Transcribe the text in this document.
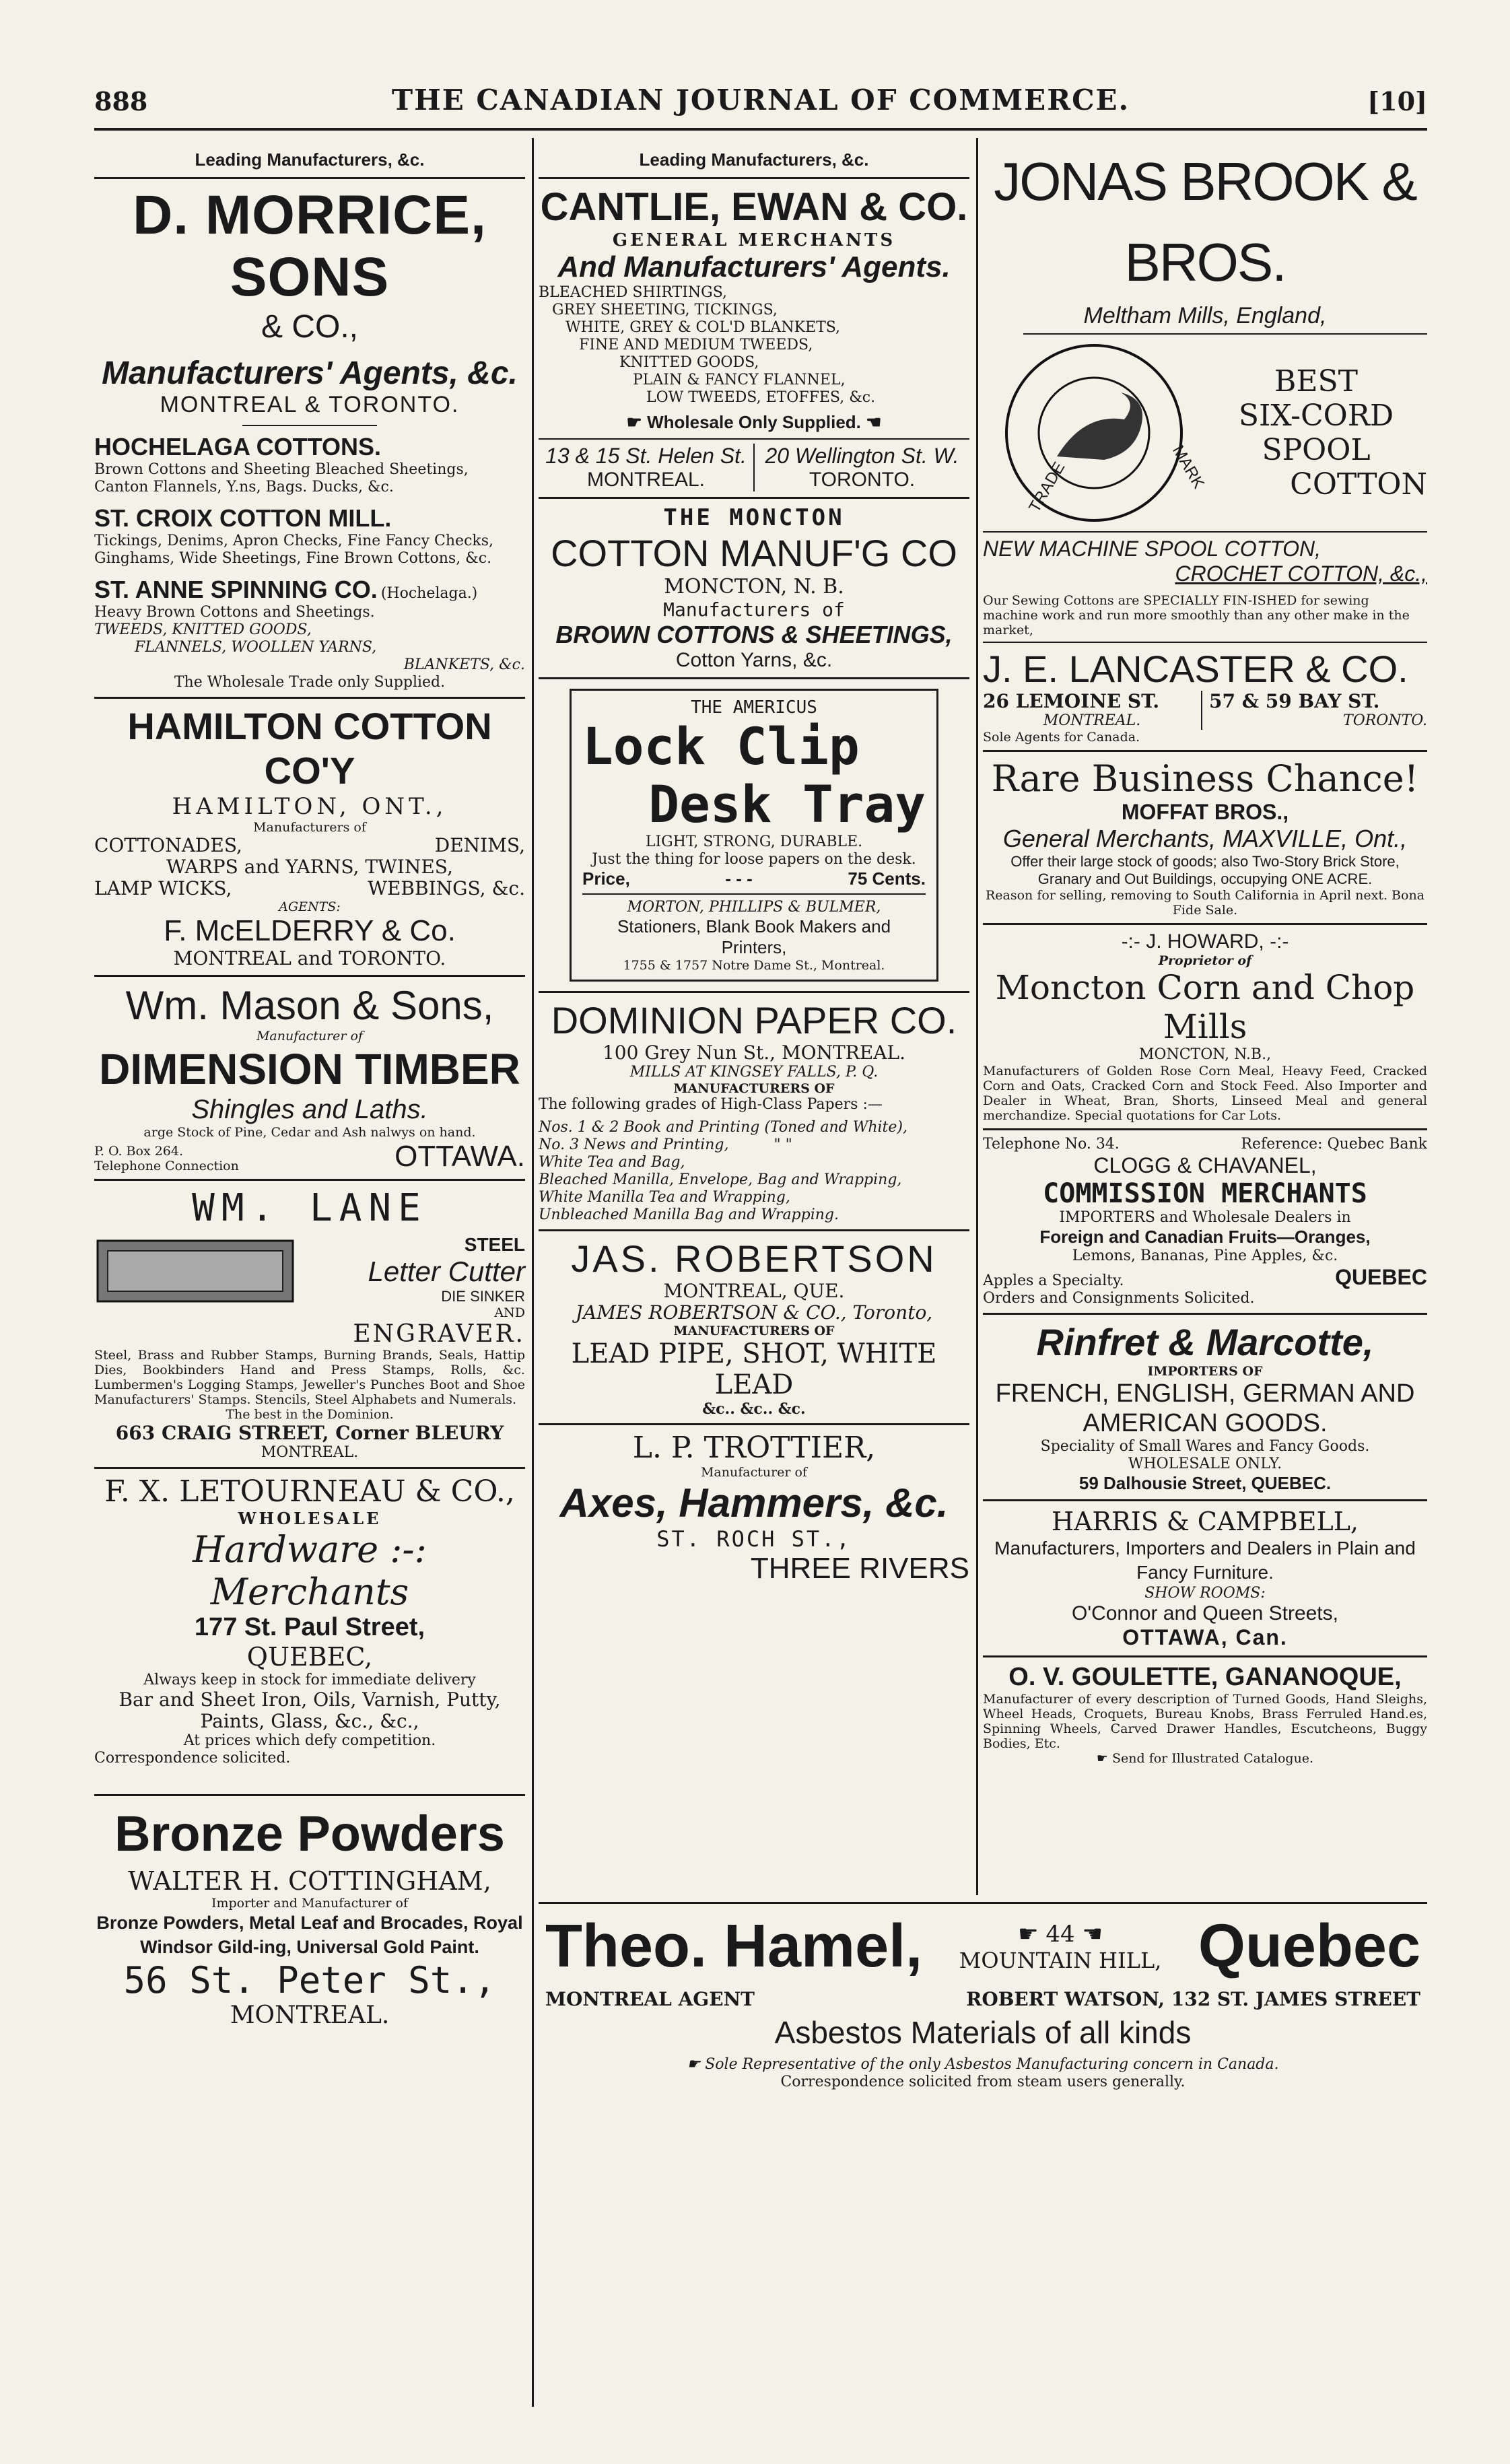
888	THE CANADIAN JOURNAL OF COMMERCE.	[10]
Leading Manufacturers, &c.
D. MORRICE, SONS
& CO.,
Manufacturers' Agents, &c.
MONTREAL & TORONTO.
HOCHELAGA COTTONS.

Brown Cottons and Sheeting Bleached Sheetings, Canton Flannels, Y.ns, Bags. Ducks, &c.

ST. CROIX COTTON MILL.

Tickings, Denims, Apron Checks, Fine Fancy Checks, Ginghams, Wide Sheetings, Fine Brown Cottons, &c.

ST. ANNE SPINNING CO. (Hochelaga.)

Heavy Brown Cottons and Sheetings.

TWEEDS, KNITTED GOODS,

FLANNELS, WOOLLEN YARNS,

BLANKETS, &c.

The Wholesale Trade only Supplied.

HAMILTON COTTON CO'Y
HAMILTON, ONT.,
Manufacturers of
COTTONADES,	DENIMS,
WARPS and YARNS, TWINES,
LAMP WICKS,	WEBBINGS, &c.
AGENTS:
F. McELDERRY & Co.
MONTREAL and TORONTO.
Wm. Mason & Sons,
Manufacturer of
DIMENSION TIMBER
Shingles and Laths.

arge Stock of Pine, Cedar and Ash nalwys on hand.

P. O. Box 264.

Telephone Connection	OTTAWA.
WM. LANE
STEEL
Letter Cutter
DIE SINKER
AND
ENGRAVER.

Steel, Brass and Rubber Stamps, Burning Brands, Seals, Hattip Dies, Bookbinders Hand and Press Stamps, Rolls, &c. Lumbermen's Logging Stamps, Jeweller's Punches Boot and Shoe Manufacturers' Stamps. Stencils, Steel Alphabets and Numerals.

The best in the Dominion.

663 CRAIG STREET, Corner BLEURY
MONTREAL.
F. X. LETOURNEAU & CO.,
WHOLESALE
Hardware :-: Merchants
177 St. Paul Street,
QUEBEC,

Always keep in stock for immediate delivery

Bar and Sheet Iron, Oils, Varnish, Putty, Paints, Glass, &c., &c.,

At prices which defy competition.

Correspondence solicited.

Bronze Powders
WALTER H. COTTINGHAM,
Importer and Manufacturer of

Bronze Powders, Metal Leaf and Brocades, Royal Windsor Gild-ing, Universal Gold Paint.

56 St. Peter St.,
MONTREAL.
Leading Manufacturers, &c.
CANTLIE, EWAN & CO.
GENERAL MERCHANTS
And Manufacturers' Agents.

BLEACHED SHIRTINGS,

GREY SHEETING, TICKINGS,

WHITE, GREY & COL'D BLANKETS,

FINE AND MEDIUM TWEEDS,

KNITTED GOODS,

PLAIN & FANCY FLANNEL,

LOW TWEEDS, ETOFFES, &c.

☛ Wholesale Only Supplied. ☚
13 & 15 St. Helen St.
MONTREAL.
20 Wellington St. W.
TORONTO.
THE MONCTON
COTTON MANUF'G CO
MONCTON, N. B.
Manufacturers of
BROWN COTTONS & SHEETINGS,
Cotton Yarns, &c.
THE AMERICUS
Lock Clip
Desk Tray
LIGHT, STRONG, DURABLE.

Just the thing for loose papers on the desk.

Price,	- - -	75 Cents.
MORTON, PHILLIPS & BULMER,
Stationers, Blank Book Makers and Printers,
1755 & 1757 Notre Dame St., Montreal.
DOMINION PAPER CO.
100 Grey Nun St., MONTREAL.
MILLS AT KINGSEY FALLS, P. Q.
MANUFACTURERS OF

The following grades of High-Class Papers :—

Nos. 1 & 2 Book and Printing (Toned and White),

No. 3 News and Printing,	" "

White Tea and Bag,

Bleached Manilla, Envelope, Bag and Wrapping,

White Manilla Tea and Wrapping,

Unbleached Manilla Bag and Wrapping.

JAS. ROBERTSON
MONTREAL, QUE.
JAMES ROBERTSON & CO., Toronto,
MANUFACTURERS OF
LEAD PIPE, SHOT, WHITE LEAD
&c.. &c.. &c.
L. P. TROTTIER,
Manufacturer of
Axes, Hammers, &c.
ST. ROCH ST.,
THREE RIVERS
JONAS BROOK & BROS.
Meltham Mills, England,
BEST
SIX-CORD
SPOOL
COTTON
TRADE	MARK
NEW MACHINE SPOOL COTTON,
CROCHET COTTON, &c.,

Our Sewing Cottons are SPECIALLY FIN-ISHED for sewing machine work and run more smoothly than any other make in the market,

J. E. LANCASTER & CO.
26 LEMOINE ST.
MONTREAL.
57 & 59 BAY ST.
TORONTO.

Sole Agents for Canada.

Rare Business Chance!
MOFFAT BROS.,
General Merchants, MAXVILLE, Ont.,

Offer their large stock of goods; also Two-Story Brick Store, Granary and Out Buildings, occupying ONE ACRE.

Reason for selling, removing to South California in April next. Bona Fide Sale.

-:- J. HOWARD, -:-
Proprietor of
Moncton Corn and Chop Mills
MONCTON, N.B.,

Manufacturers of Golden Rose Corn Meal, Heavy Feed, Cracked Corn and Oats, Cracked Corn and Stock Feed. Also Importer and Dealer in Wheat, Bran, Shorts, Linseed Meal and general merchandize. Special quotations for Car Lots.

Telephone No. 34.	Reference: Quebec Bank
CLOGG & CHAVANEL,
COMMISSION MERCHANTS
IMPORTERS and Wholesale Dealers in
Foreign and Canadian Fruits—Oranges,
Lemons, Bananas, Pine Apples, &c.
Apples a Specialty.	QUEBEC
Orders and Consignments Solicited.
Rinfret & Marcotte,
IMPORTERS OF
FRENCH, ENGLISH, GERMAN AND AMERICAN GOODS.
Speciality of Small Wares and Fancy Goods.
WHOLESALE ONLY.
59 Dalhousie Street, QUEBEC.
HARRIS & CAMPBELL,

Manufacturers, Importers and Dealers in Plain and Fancy Furniture.

SHOW ROOMS:
O'Connor and Queen Streets,
OTTAWA, Can.
O. V. GOULETTE, GANANOQUE,

Manufacturer of every description of Turned Goods, Hand Sleighs, Wheel Heads, Croquets, Bureau Knobs, Brass Ferruled Hand.es, Spinning Wheels, Carved Drawer Handles, Escutcheons, Buggy Bodies, Etc.

☛ Send for Illustrated Catalogue.
Theo. Hamel,	☛ 44 ☚
MOUNTAIN HILL, Quebec
MONTREAL AGENT	ROBERT WATSON, 132 ST. JAMES STREET
Asbestos Materials of all kinds
☛ Sole Representative of the only Asbestos Manufacturing concern in Canada.
Correspondence solicited from steam users generally.
